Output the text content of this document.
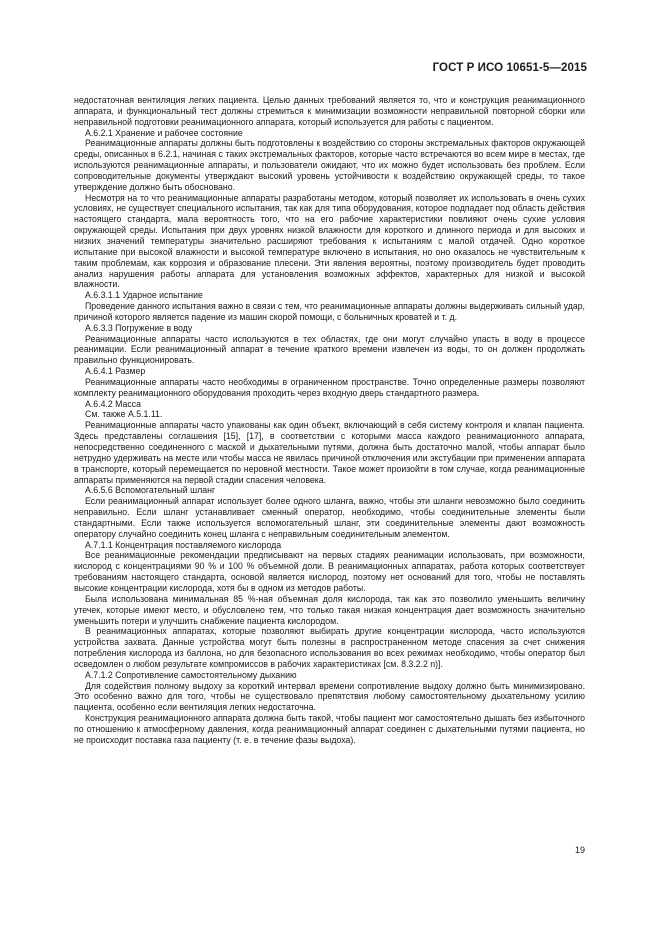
ГОСТ Р ИСО 10651-5—2015

недостаточная вентиляция легких пациента. Целью данных требований является то, что и конструкция реанимационного аппарата, и функциональный тест должны стремиться к минимизации возможности неправильной повторной сборки или неправильной подготовки реанимационного аппарата, который используется для работы с пациентом.

А.6.2.1 Хранение и рабочее состояние

Реанимационные аппараты должны быть подготовлены к воздействию со стороны экстремальных факторов окружающей среды, описанных в 6.2.1, начиная с таких экстремальных факторов, которые часто встречаются во всем мире в местах, где используются реанимационные аппараты, и пользователи ожидают, что их можно будет использовать без проблем. Если сопроводительные документы утверждают высокий уровень устойчивости к воздействию окружающей среды, то такое утверждение должно быть обосновано.

Несмотря на то что реанимационные аппараты разработаны методом, который позволяет их использовать в очень сухих условиях, не существует специального испытания, так как для типа оборудования, которое подпадает под область действия настоящего стандарта, мала вероятность того, что на его рабочие характеристики повлияют очень сухие условия окружающей среды. Испытания при двух уровнях низкой влажности для короткого и длинного периода и для высоких и низких значений температуры значительно расширяют требования к испытаниям с малой отдачей. Одно короткое испытание при высокой влажности и высокой температуре включено в испытания, но оно оказалось не чувствительным к таким проблемам, как коррозия и образование плесени. Эти явления вероятны, поэтому производитель будет проводить анализ нарушения работы аппарата для установления возможных эффектов, характерных для низкой и высокой влажности.

А.6.3.1.1 Ударное испытание

Проведение данного испытания важно в связи с тем, что реанимационные аппараты должны выдерживать сильный удар, причиной которого является падение из машин скорой помощи, с больничных кроватей и т. д.

А.6.3.3 Погружение в воду

Реанимационные аппараты часто используются в тех областях, где они могут случайно упасть в воду в процессе реанимации. Если реанимационный аппарат в течение краткого времени извлечен из воды, то он должен продолжать правильно функционировать.

А.6.4.1 Размер

Реанимационные аппараты часто необходимы в ограниченном пространстве. Точно определенные размеры позволяют комплекту реанимационного оборудования проходить через входную дверь стандартного размера.

А.6.4.2 Масса

См. также А.5.1.11.

Реанимационные аппараты часто упакованы как один объект, включающий в себя систему контроля и клапан пациента. Здесь представлены соглашения [15], [17], в соответствии с которыми масса каждого реанимационного аппарата, непосредственно соединенного с маской и дыхательными путями, должна быть достаточно малой, чтобы аппарат было нетрудно удерживать на месте или чтобы масса не явилась причиной отключения или экстубации при применении аппарата в транспорте, который перемещается по неровной местности. Такое может произойти в том случае, когда реанимационные аппараты применяются на первой стадии спасения человека.

А.6.5.6 Вспомогательный шланг

Если реанимационный аппарат использует более одного шланга, важно, чтобы эти шланги невозможно было соединить неправильно. Если шланг устанавливает сменный оператор, необходимо, чтобы соединительные элементы были стандартными. Если также используется вспомогательный шланг, эти соединительные элементы дают возможность оператору случайно соединить конец шланга с неправильным соединительным элементом.

А.7.1.1 Концентрация поставляемого кислорода

Все реанимационные рекомендации предписывают на первых стадиях реанимации использовать, при возможности, кислород с концентрациями 90 % и 100 % объемной доли. В реанимационных аппаратах, работа которых соответствует требованиям настоящего стандарта, основой является кислород, поэтому нет оснований для того, чтобы не поставлять высокие концентрации кислорода, хотя бы в одном из методов работы.

Была использована минимальная 85 %-ная объемная доля кислорода, так как это позволило уменьшить величину утечек, которые имеют место, и обусловлено тем, что только такая низкая концентрация дает возможность значительно уменьшить потери и улучшить снабжение пациента кислородом.

В реанимационных аппаратах, которые позволяют выбирать другие концентрации кислорода, часто используются устройства захвата. Данные устройства могут быть полезны в распространенном методе спасения за счет снижения потребления кислорода из баллона, но для безопасного использования во всех режимах необходимо, чтобы оператор был осведомлен о любом результате компромиссов в рабочих характеристиках [см. 8.3.2.2 n)].

А.7.1.2 Сопротивление самостоятельному дыханию

Для содействия полному выдоху за короткий интервал времени сопротивление выдоху должно быть минимизировано. Это особенно важно для того, чтобы не существовало препятствия любому самостоятельному дыхательному усилию пациента, особенно если вентиляция легких недостаточна.

Конструкция реанимационного аппарата должна быть такой, чтобы пациент мог самостоятельно дышать без избыточного по отношению к атмосферному давления, когда реанимационный аппарат соединен с дыхательными путями пациента, но не происходит поставка газа пациенту (т. е. в течение фазы выдоха).

19
